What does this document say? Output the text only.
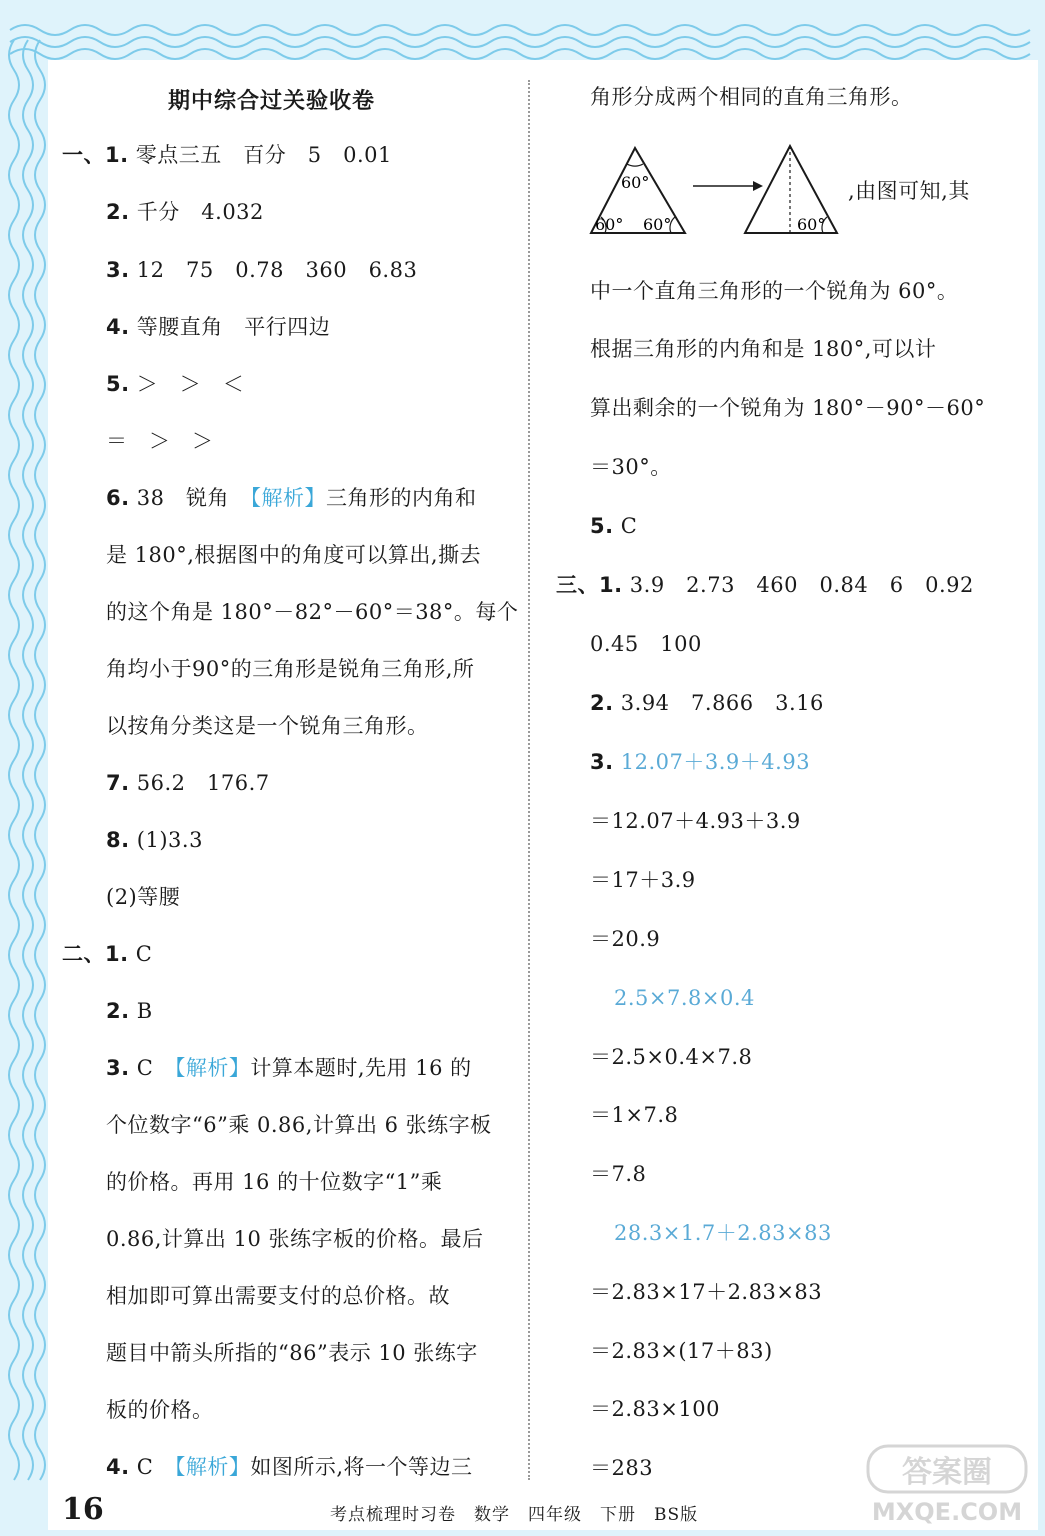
期中综合过关验收卷
一、1. 零点三五　百分　5　0.01
2. 千分　4.032
3. 12　75　0.78　360　6.83
4. 等腰直角　平行四边
5. ＞　＞　＜
＝　＞　＞
6. 38　锐角　 【解析】三角形的内角和
是 180°,根据图中的角度可以算出,撕去
的这个角是 180°－82°－60°＝38°。每个
角均小于90°的三角形是锐角三角形,所
以按角分类这是一个锐角三角形。
7. 56.2　176.7
8. (1)3.3
(2)等腰
二、1. C
2. B
3. C　 【解析】计算本题时,先用 16 的
个位数字“6”乘 0.86,计算出 6 张练字板
的价格。再用 16 的十位数字“1”乘
0.86,计算出 10 张练字板的价格。最后
相加即可算出需要支付的总价格。故
题目中箭头所指的“86”表示 10 张练字
板的价格。
4. C　 【解析】如图所示,将一个等边三
角形分成两个相同的直角三角形。
60°
60° 60°	60°
,由图可知,其
中一个直角三角形的一个锐角为 60°。
根据三角形的内角和是 180°,可以计
算出剩余的一个锐角为 180°－90°－60°
＝30°。
5. C
三、1. 3.9　2.73　460　0.84　6　0.92
0.45　100
2. 3.94　7.866　3.16
3. 12.07＋3.9＋4.93
＝12.07＋4.93＋3.9
＝17＋3.9
＝20.9
2.5×7.8×0.4
＝2.5×0.4×7.8
＝1×7.8
＝7.8
28.3×1.7＋2.83×83
＝2.83×17＋2.83×83
＝2.83×(17＋83)
＝2.83×100
＝283
16	考点梳理时习卷　数学　四年级　下册　BS版
答案圈
MXQE.COM
